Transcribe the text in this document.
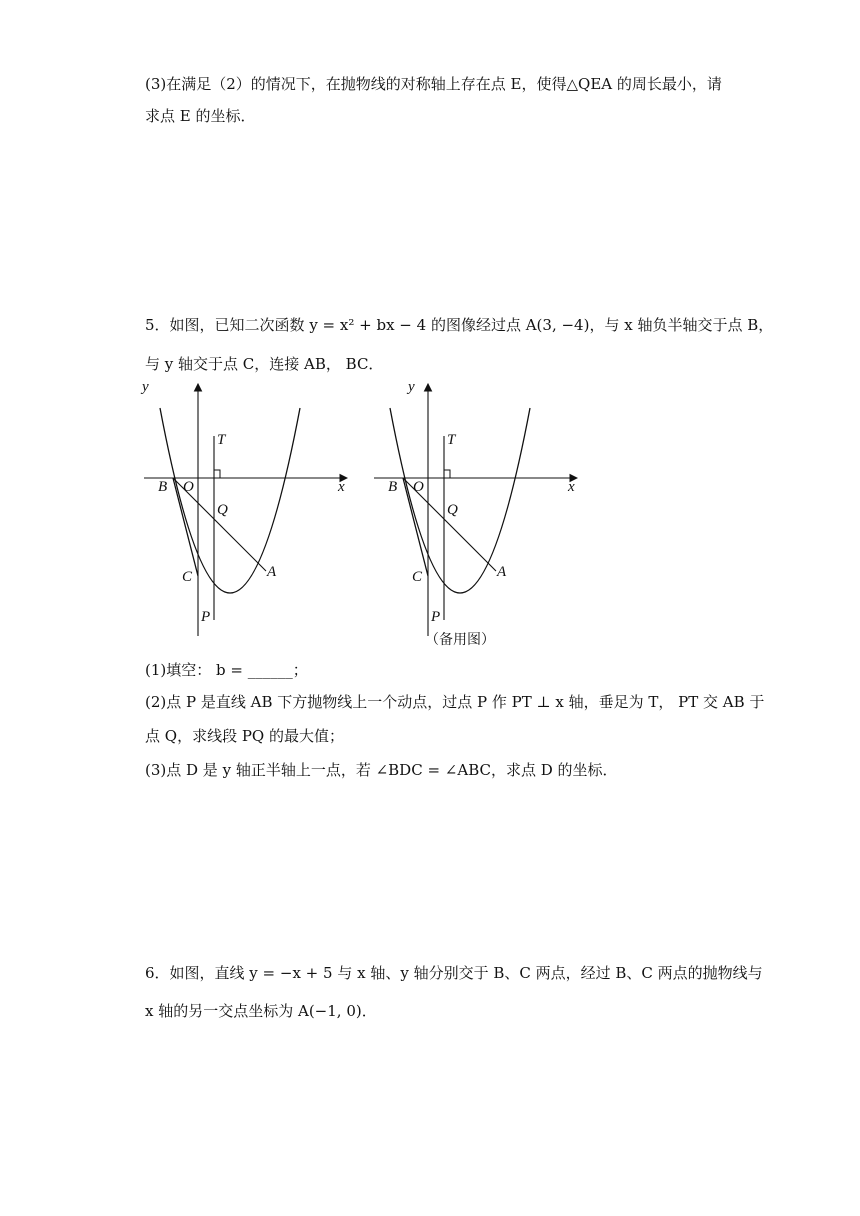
(3)在满足（2）的情况下，在抛物线的对称轴上存在点 E，使得△QEA 的周长最小，请
求点 E 的坐标．
5．如图，已知二次函数 y = x² + bx − 4 的图像经过点 A(3, −4)，与 x 轴负半轴交于点 B，
与 y 轴交于点 C，连接 AB， BC．
y
x
B O
T
Q
C	A
P
y
x
B O
T
Q
C	A
P
（备用图）
(1)填空： b = ______；
(2)点 P 是直线 AB 下方抛物线上一个动点，过点 P 作 PT ⊥ x 轴，垂足为 T， PT 交 AB 于
点 Q，求线段 PQ 的最大值；
(3)点 D 是 y 轴正半轴上一点，若 ∠BDC = ∠ABC，求点 D 的坐标．
6．如图，直线 y = −x + 5 与 x 轴、y 轴分别交于 B、C 两点，经过 B、C 两点的抛物线与
x 轴的另一交点坐标为 A(−1, 0)．
